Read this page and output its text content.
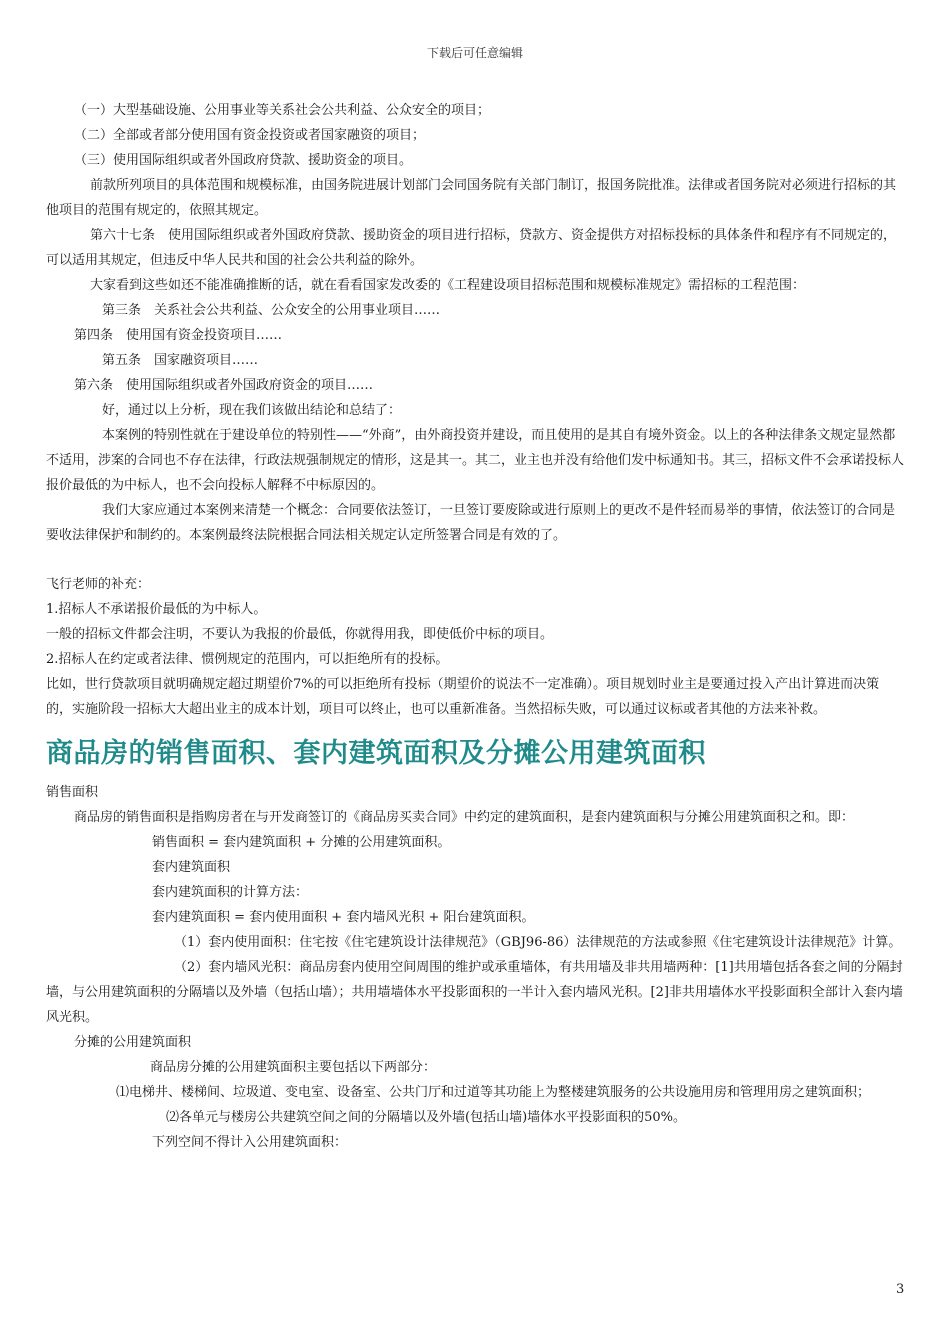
下载后可任意编辑

（一）大型基础设施、公用事业等关系社会公共利益、公众安全的项目；

（二）全部或者部分使用国有资金投资或者国家融资的项目；

（三）使用国际组织或者外国政府贷款、援助资金的项目。

前款所列项目的具体范围和规模标准，由国务院进展计划部门会同国务院有关部门制订，报国务院批准。法律或者国务院对必须进行招标的其他项目的范围有规定的，依照其规定。

第六十七条　使用国际组织或者外国政府贷款、援助资金的项目进行招标，贷款方、资金提供方对招标投标的具体条件和程序有不同规定的，可以适用其规定，但违反中华人民共和国的社会公共利益的除外。

大家看到这些如还不能准确推断的话，就在看看国家发改委的《工程建设项目招标范围和规模标准规定》需招标的工程范围：

第三条　关系社会公共利益、公众安全的公用事业项目……

第四条　使用国有资金投资项目……

第五条　国家融资项目……

第六条　使用国际组织或者外国政府资金的项目……

好，通过以上分析，现在我们该做出结论和总结了：

本案例的特别性就在于建设单位的特别性——“外商”，由外商投资并建设，而且使用的是其自有境外资金。以上的各种法律条文规定显然都不适用，涉案的合同也不存在法律，行政法规强制规定的情形，这是其一。其二，业主也并没有给他们发中标通知书。其三，招标文件不会承诺投标人报价最低的为中标人，也不会向投标人解释不中标原因的。

我们大家应通过本案例来清楚一个概念：合同要依法签订，一旦签订要废除或进行原则上的更改不是件轻而易举的事情，依法签订的合同是要收法律保护和制约的。本案例最终法院根据合同法相关规定认定所签署合同是有效的了。

飞行老师的补充：

1.招标人不承诺报价最低的为中标人。

一般的招标文件都会注明，不要认为我报的价最低，你就得用我，即使低价中标的项目。

2.招标人在约定或者法律、惯例规定的范围内，可以拒绝所有的投标。

比如，世行贷款项目就明确规定超过期望价7%的可以拒绝所有投标（期望价的说法不一定准确）。项目规划时业主是要通过投入产出计算进而决策的，实施阶段一招标大大超出业主的成本计划，项目可以终止，也可以重新准备。当然招标失败，可以通过议标或者其他的方法来补救。

商品房的销售面积、套内建筑面积及分摊公用建筑面积

销售面积

商品房的销售面积是指购房者在与开发商签订的《商品房买卖合同》中约定的建筑面积，是套内建筑面积与分摊公用建筑面积之和。即：

销售面积 = 套内建筑面积 + 分摊的公用建筑面积。

套内建筑面积

套内建筑面积的计算方法：

套内建筑面积 = 套内使用面积 + 套内墙风光积 + 阳台建筑面积。

（1）套内使用面积：住宅按《住宅建筑设计法律规范》（GBJ96-86）法律规范的方法或参照《住宅建筑设计法律规范》计算。

（2）套内墙风光积：商品房套内使用空间周围的维护或承重墙体，有共用墙及非共用墙两种：[1]共用墙包括各套之间的分隔封墙，与公用建筑面积的分隔墙以及外墙（包括山墙）；共用墙墙体水平投影面积的一半计入套内墙风光积。[2]非共用墙体水平投影面积全部计入套内墙风光积。

分摊的公用建筑面积

商品房分摊的公用建筑面积主要包括以下两部分：

⑴电梯井、楼梯间、垃圾道、变电室、设备室、公共门厅和过道等其功能上为整楼建筑服务的公共设施用房和管理用房之建筑面积；

⑵各单元与楼房公共建筑空间之间的分隔墙以及外墙(包括山墙)墙体水平投影面积的50%。

下列空间不得计入公用建筑面积：

3
